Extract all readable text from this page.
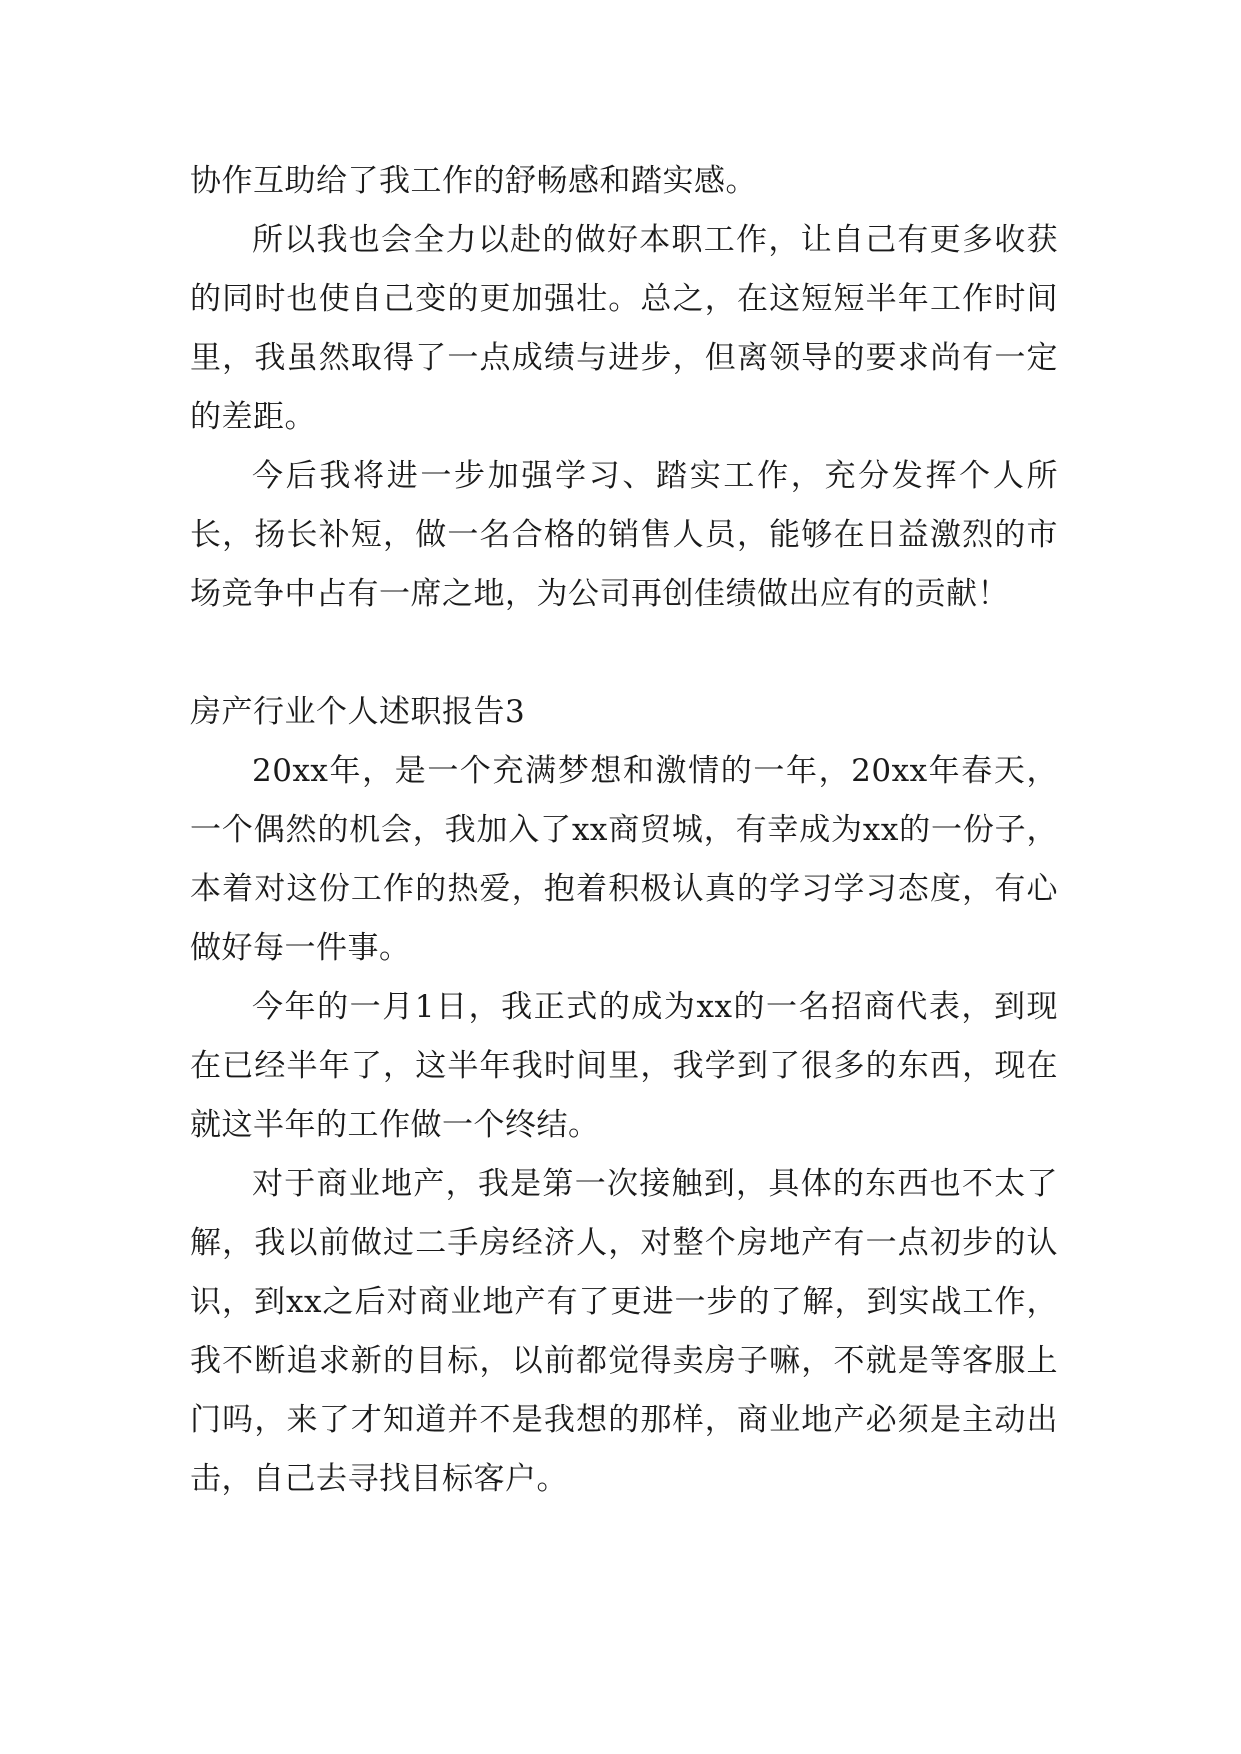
协作互助给了我工作的舒畅感和踏实感。

所以我也会全力以赴的做好本职工作，让自己有更多收获的同时也使自己变的更加强壮。总之，在这短短半年工作时间里，我虽然取得了一点成绩与进步，但离领导的要求尚有一定的差距。

今后我将进一步加强学习、踏实工作，充分发挥个人所长，扬长补短，做一名合格的销售人员，能够在日益激烈的市场竞争中占有一席之地，为公司再创佳绩做出应有的贡献！

房产行业个人述职报告3

20xx年，是一个充满梦想和激情的一年，20xx年春天，一个偶然的机会，我加入了xx商贸城，有幸成为xx的一份子，本着对这份工作的热爱，抱着积极认真的学习学习态度，有心做好每一件事。

今年的一月1日，我正式的成为xx的一名招商代表，到现在已经半年了，这半年我时间里，我学到了很多的东西，现在就这半年的工作做一个终结。

对于商业地产，我是第一次接触到，具体的东西也不太了解，我以前做过二手房经济人，对整个房地产有一点初步的认识，到xx之后对商业地产有了更进一步的了解，到实战工作，我不断追求新的目标，以前都觉得卖房子嘛，不就是等客服上门吗，来了才知道并不是我想的那样，商业地产必须是主动出击，自己去寻找目标客户。
